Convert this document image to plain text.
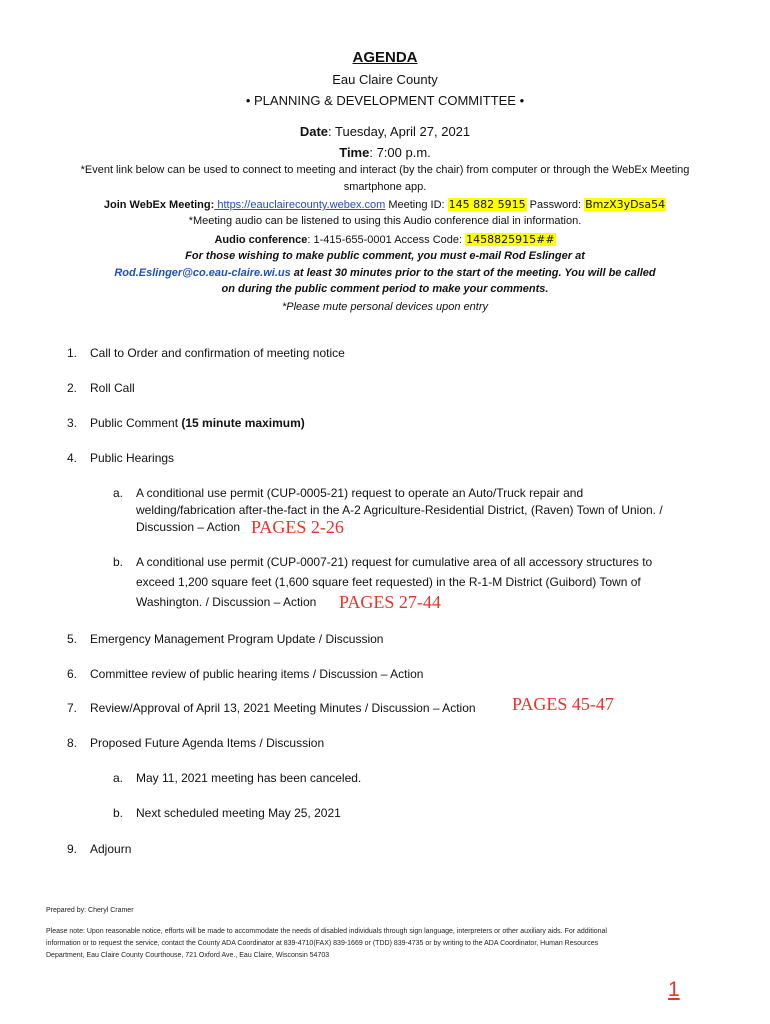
AGENDA
Eau Claire County
• PLANNING & DEVELOPMENT COMMITTEE •
Date: Tuesday, April 27, 2021
Time: 7:00 p.m.
*Event link below can be used to connect to meeting and interact (by the chair) from computer or through the WebEx Meeting
smartphone app.
Join WebEx Meeting: https://eauclairecounty.webex.com Meeting ID: 145 882 5915 Password: BmzX3yDsa54
*Meeting audio can be listened to using this Audio conference dial in information.
Audio conference: 1-415-655-0001 Access Code: 1458825915##
For those wishing to make public comment, you must e-mail Rod Eslinger at
Rod.Eslinger@co.eau-claire.wi.us at least 30 minutes prior to the start of the meeting. You will be called
on during the public comment period to make your comments.
*Please mute personal devices upon entry
1. Call to Order and confirmation of meeting notice
2. Roll Call
3. Public Comment (15 minute maximum)
4. Public Hearings
a. A conditional use permit (CUP-0005-21) request to operate an Auto/Truck repair and
welding/fabrication after-the-fact in the A-2 Agriculture-Residential District, (Raven) Town of Union. /
Discussion – Action PAGES 2-26
b. A conditional use permit (CUP-0007-21) request for cumulative area of all accessory structures to
exceed 1,200 square feet (1,600 square feet requested) in the R-1-M District (Guibord) Town of
Washington. / Discussion – Action PAGES 27-44
5. Emergency Management Program Update / Discussion
6. Committee review of public hearing items / Discussion – Action
7. Review/Approval of April 13, 2021 Meeting Minutes / Discussion – Action PAGES 45-47
8. Proposed Future Agenda Items / Discussion
a. May 11, 2021 meeting has been canceled.
b. Next scheduled meeting May 25, 2021
9. Adjourn
Prepared by: Cheryl Cramer
Please note: Upon reasonable notice, efforts will be made to accommodate the needs of disabled individuals through sign language, interpreters or other auxiliary aids. For additional
information or to request the service, contact the County ADA Coordinator at 839-4710(FAX) 839-1669 or (TDD) 839-4735 or by writing to the ADA Coordinator, Human Resources
Department, Eau Claire County Courthouse, 721 Oxford Ave., Eau Claire, Wisconsin 54703
1
